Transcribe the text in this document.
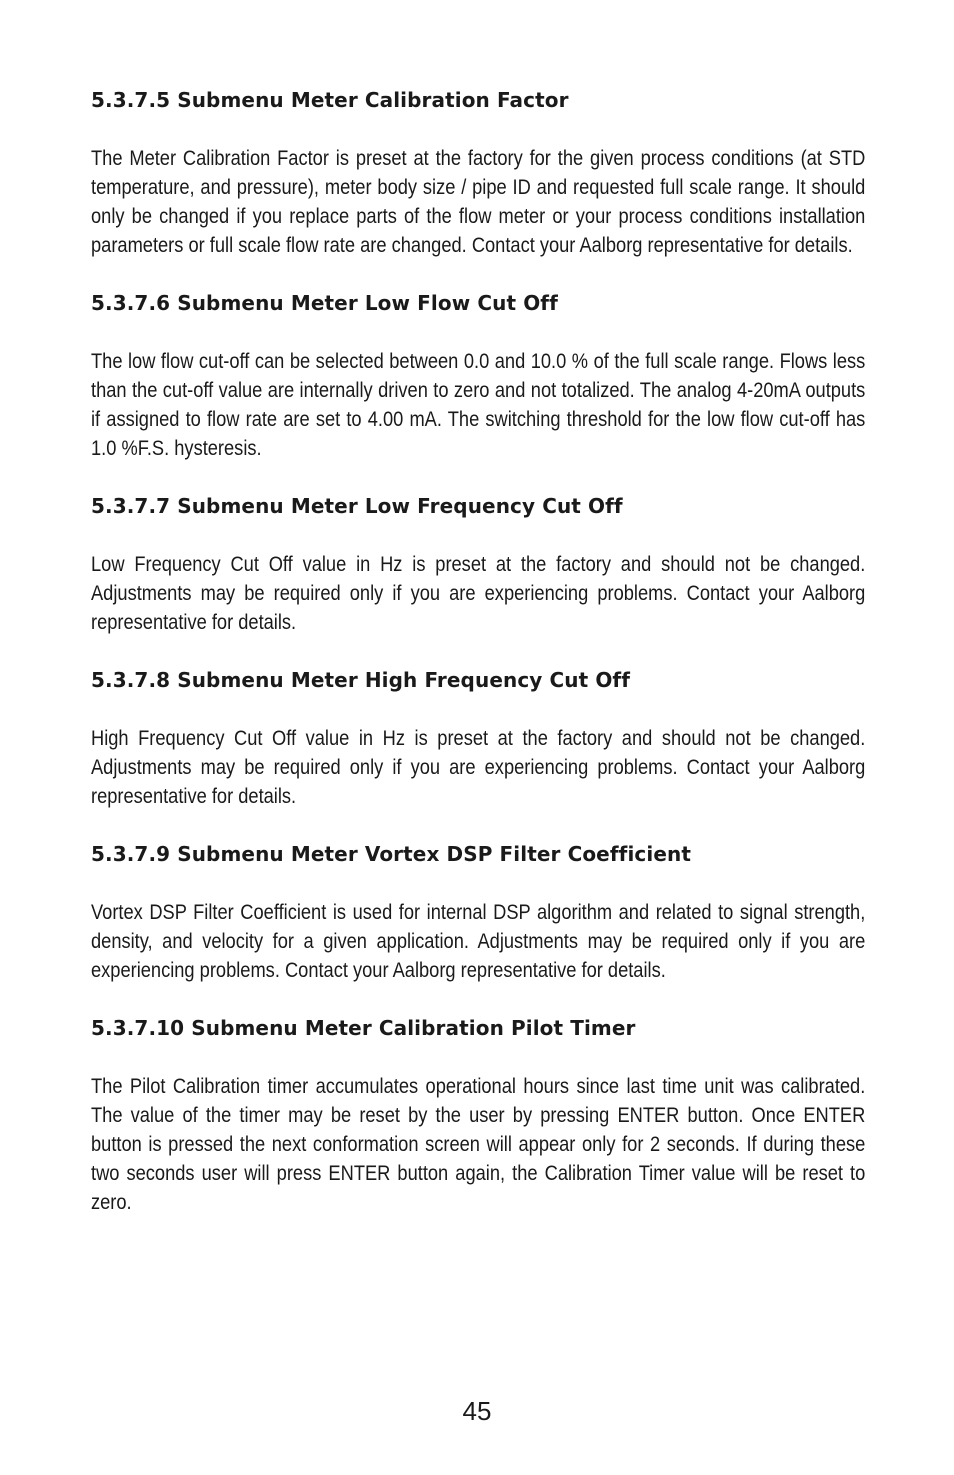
5.3.7.5 Submenu Meter Calibration Factor

The Meter Calibration Factor is preset at the factory for the given process conditions (at STD temperature, and pressure), meter body size / pipe ID and requested full scale range. It should only be changed if you replace parts of the flow meter or your process conditions installation parameters or full scale flow rate are changed. Contact your Aalborg representative for details.

5.3.7.6 Submenu Meter Low Flow Cut Off

The low flow cut-off can be selected between 0.0 and 10.0 % of the full scale range. Flows less than the cut-off value are internally driven to zero and not totalized. The analog 4-20mA outputs if assigned to flow rate are set to 4.00 mA. The switching threshold for the low flow cut-off has 1.0 %F.S. hysteresis.

5.3.7.7 Submenu Meter Low Frequency Cut Off

Low Frequency Cut Off value in Hz is preset at the factory and should not be changed. Adjustments may be required only if you are experiencing problems. Contact your Aalborg representative for details.

5.3.7.8 Submenu Meter High Frequency Cut Off

High Frequency Cut Off value in Hz is preset at the factory and should not be changed. Adjustments may be required only if you are experiencing problems. Contact your Aalborg representative for details.

5.3.7.9 Submenu Meter Vortex DSP Filter Coefficient

Vortex DSP Filter Coefficient is used for internal DSP algorithm and related to signal strength, density, and velocity for a given application. Adjustments may be required only if you are experiencing problems. Contact your Aalborg representative for details.

5.3.7.10 Submenu Meter Calibration Pilot Timer

The Pilot Calibration timer accumulates operational hours since last time unit was calibrated. The value of the timer may be reset by the user by pressing ENTER button. Once ENTER button is pressed the next conformation screen will appear only for 2 seconds. If during these two seconds user will press ENTER button again, the Calibration Timer value will be reset to zero.

45
